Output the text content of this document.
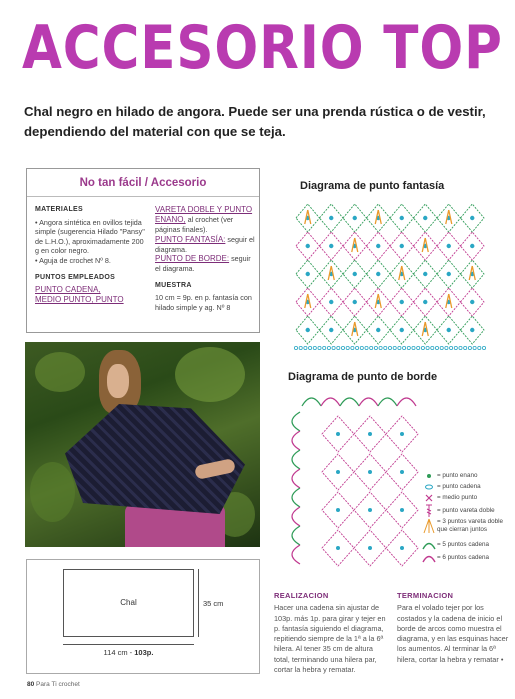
ACCESORIO TOP
Chal negro en hilado de angora. Puede ser una prenda rústica o de vestir, dependiendo del material con que se teja.
No tan fácil / Accesorio
MATERIALES
• Angora sintética en ovillos tejida simple (sugerencia Hilado "Pansy" de L.H.O.), aproximadamente 200 g en color negro.
• Aguja de crochet Nº 8.
PUNTOS EMPLEADOS
PUNTO CADENA,
MEDIO PUNTO, PUNTO
VARETA DOBLE Y PUNTO ENANO, al crochet (ver páginas finales).
PUNTO FANTASÍA: seguir el diagrama.
PUNTO DE BORDE: seguir el diagrama.
MUESTRA
10 cm = 9p. en p. fantasía con hilado simple y ag. Nº 8
Diagrama de punto fantasía
Diagrama de punto de borde
= punto enano
= punto cadena
= medio punto
= punto vareta doble
= 3 puntos vareta doble que cierran juntos
= 5 puntos cadena
= 6 puntos cadena
Chal
114 cm - 103p.
35 cm
REALIZACION
Hacer una cadena sin ajustar de 103p. más 1p. para girar y tejer en p. fantasía siguiendo el diagrama, repitiendo siempre de la 1ª a la 6ª hilera. Al tener 35 cm de altura total, terminando una hilera par, cortar la hebra y rematar.
TERMINACION
Para el volado tejer por los costados y la cadena de inicio el borde de arcos como muestra el diagrama, y en las esquinas hacer los aumentos. Al terminar la 6ª hilera, cortar la hebra y rematar •
80 Para Ti crochet
